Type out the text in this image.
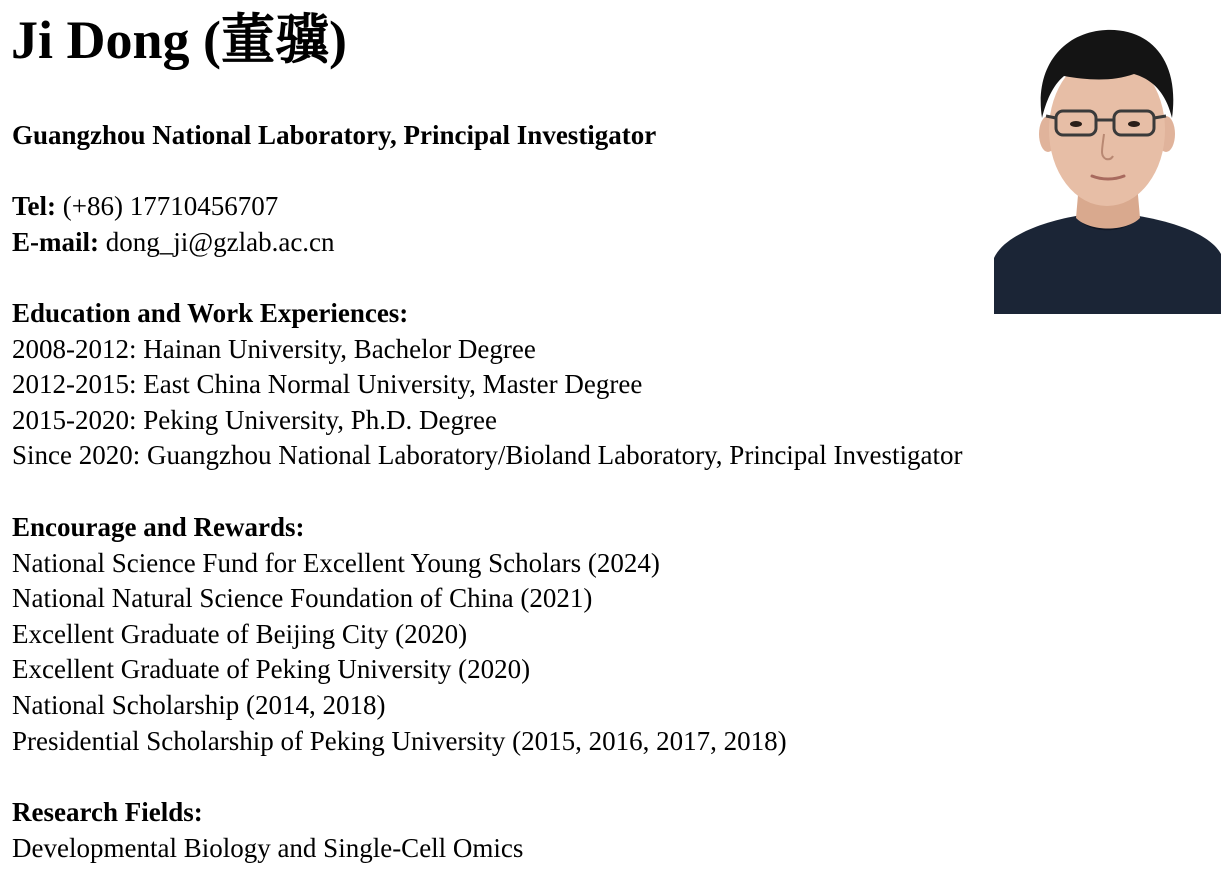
Ji Dong (董骥)
Guangzhou National Laboratory, Principal Investigator
Tel: (+86) 17710456707
E-mail: dong_ji@gzlab.ac.cn
Education and Work Experiences:
2008-2012: Hainan University, Bachelor Degree
2012-2015: East China Normal University, Master Degree
2015-2020: Peking University, Ph.D. Degree
Since 2020: Guangzhou National Laboratory/Bioland Laboratory, Principal Investigator
Encourage and Rewards:
National Science Fund for Excellent Young Scholars (2024)
National Natural Science Foundation of China (2021)
Excellent Graduate of Beijing City (2020)
Excellent Graduate of Peking University (2020)
National Scholarship (2014, 2018)
Presidential Scholarship of Peking University (2015, 2016, 2017, 2018)
Research Fields:
Developmental Biology and Single-Cell Omics
